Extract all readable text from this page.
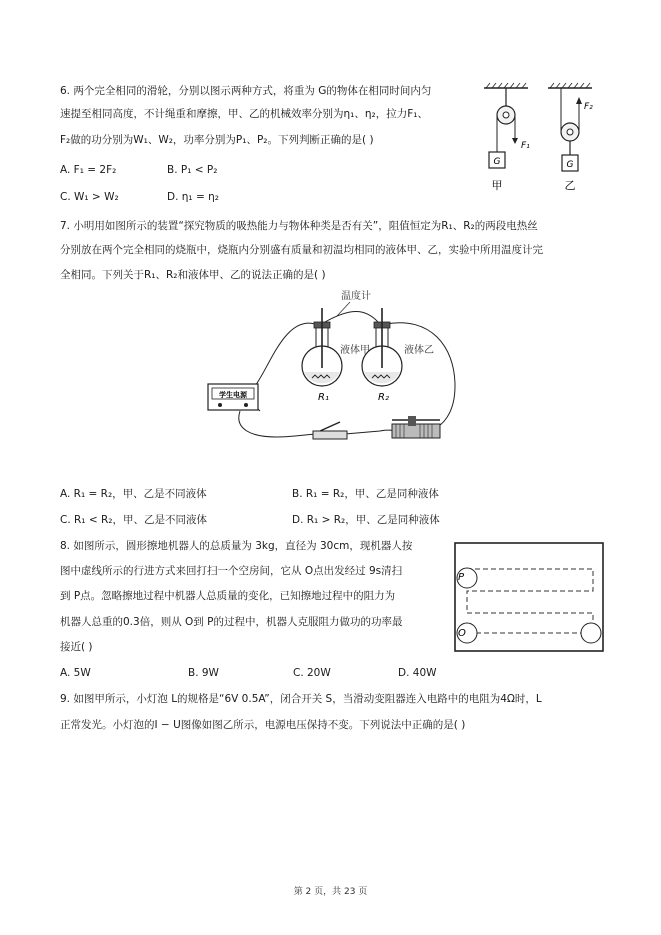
6. 两个完全相同的滑轮，分别以图示两种方式，将重为 G的物体在相同时间内匀
速提至相同高度，不计绳重和摩擦，甲、乙的机械效率分别为η₁、η₂，拉力F₁、
F₂做的功分别为W₁、W₂，功率分别为P₁、P₂。下列判断正确的是( )
A. F₁ = 2F₂	B. P₁ < P₂
C. W₁ > W₂	D. η₁ = η₂
F₁
G
甲
F₂
G
乙
7. 小明用如图所示的装置“探究物质的吸热能力与物体种类是否有关”，阻值恒定为R₁、R₂的两段电热丝
分别放在两个完全相同的烧瓶中，烧瓶内分别盛有质量和初温均相同的液体甲、乙，实验中所用温度计完
全相同。下列关于R₁、R₂和液体甲、乙的说法正确的是( )
温度计
液体甲	液体乙
R₁	R₂
学生电源
A. R₁ = R₂，甲、乙是不同液体	B. R₁ = R₂，甲、乙是同种液体
C. R₁ < R₂，甲、乙是不同液体	D. R₁ > R₂，甲、乙是同种液体
8. 如图所示，圆形擦地机器人的总质量为 3kg，直径为 30cm，现机器人按
图中虚线所示的行进方式来回打扫一个空房间，它从 O点出发经过 9s清扫
到 P点。忽略擦地过程中机器人总质量的变化，已知擦地过程中的阻力为
机器人总重的0.3倍，则从 O到 P的过程中，机器人克服阻力做功的功率最
接近( )
A. 5W	B. 9W	C. 20W	D. 40W
P
O
9. 如图甲所示，小灯泡 L的规格是“6V 0.5A”，闭合开关 S，当滑动变阻器连入电路中的电阻为4Ω时，L
正常发光。小灯泡的I − U图像如图乙所示，电源电压保持不变。下列说法中正确的是( )
第 2 页，共 23 页
